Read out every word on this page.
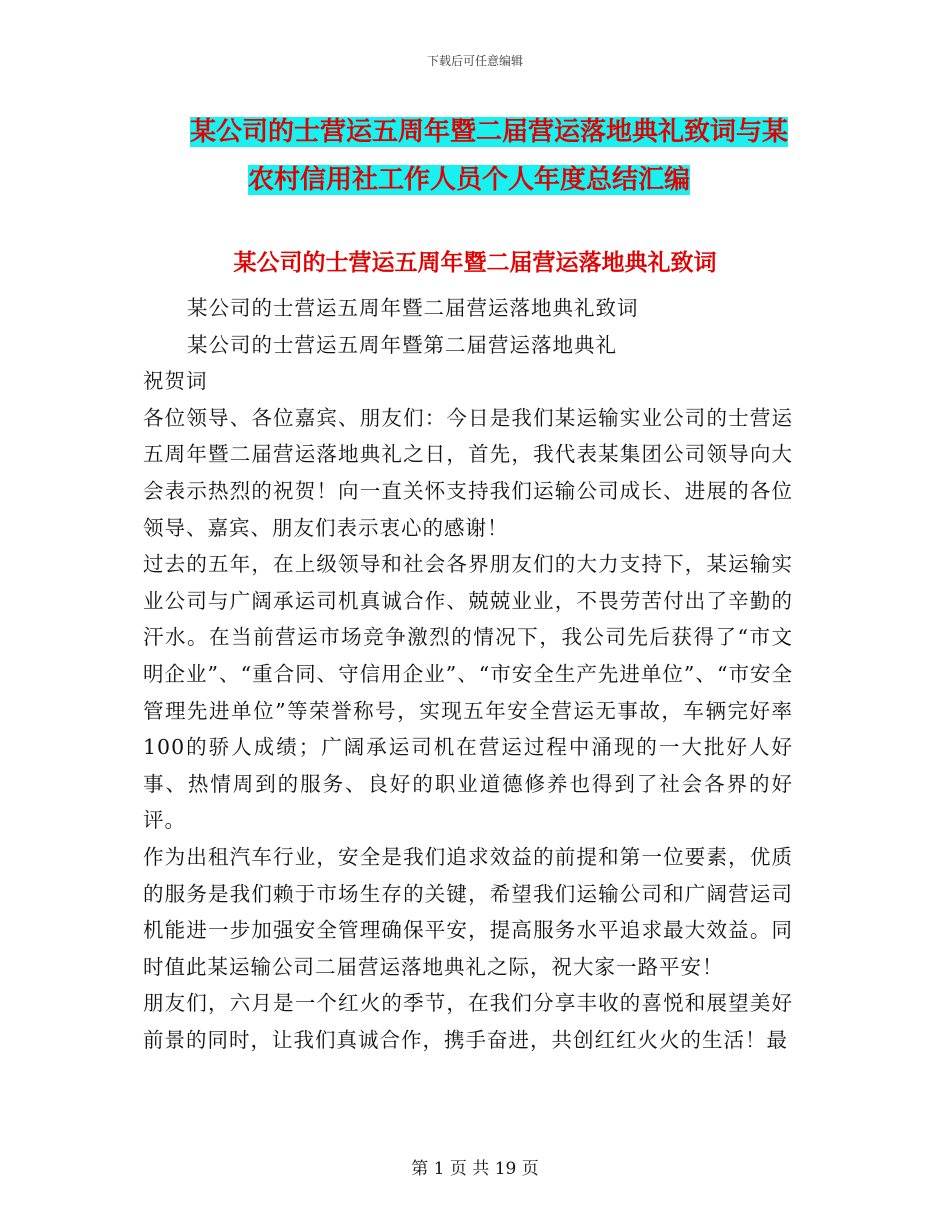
下载后可任意编辑
某公司的士营运五周年暨二届营运落地典礼致词与某
农村信用社工作人员个人年度总结汇编
某公司的士营运五周年暨二届营运落地典礼致词

某公司的士营运五周年暨二届营运落地典礼致词

某公司的士营运五周年暨第二届营运落地典礼

祝贺词

各位领导、各位嘉宾、朋友们：今日是我们某运输实业公司的士营运五周年暨二届营运落地典礼之日，首先，我代表某集团公司领导向大会表示热烈的祝贺！向一直关怀支持我们运输公司成长、进展的各位领导、嘉宾、朋友们表示衷心的感谢！

过去的五年，在上级领导和社会各界朋友们的大力支持下，某运输实业公司与广阔承运司机真诚合作、兢兢业业，不畏劳苦付出了辛勤的汗水。在当前营运市场竞争激烈的情况下，我公司先后获得了“市文明企业”、“重合同、守信用企业”、“市安全生产先进单位”、“市安全管理先进单位”等荣誉称号，实现五年安全营运无事故，车辆完好率100的骄人成绩；广阔承运司机在营运过程中涌现的一大批好人好事、热情周到的服务、良好的职业道德修养也得到了社会各界的好评。

作为出租汽车行业，安全是我们追求效益的前提和第一位要素，优质的服务是我们赖于市场生存的关键，希望我们运输公司和广阔营运司机能进一步加强安全管理确保平安，提高服务水平追求最大效益。同时值此某运输公司二届营运落地典礼之际，祝大家一路平安！

朋友们，六月是一个红火的季节，在我们分享丰收的喜悦和展望美好前景的同时，让我们真诚合作，携手奋进，共创红红火火的生活！最

第 1 页 共 19 页
